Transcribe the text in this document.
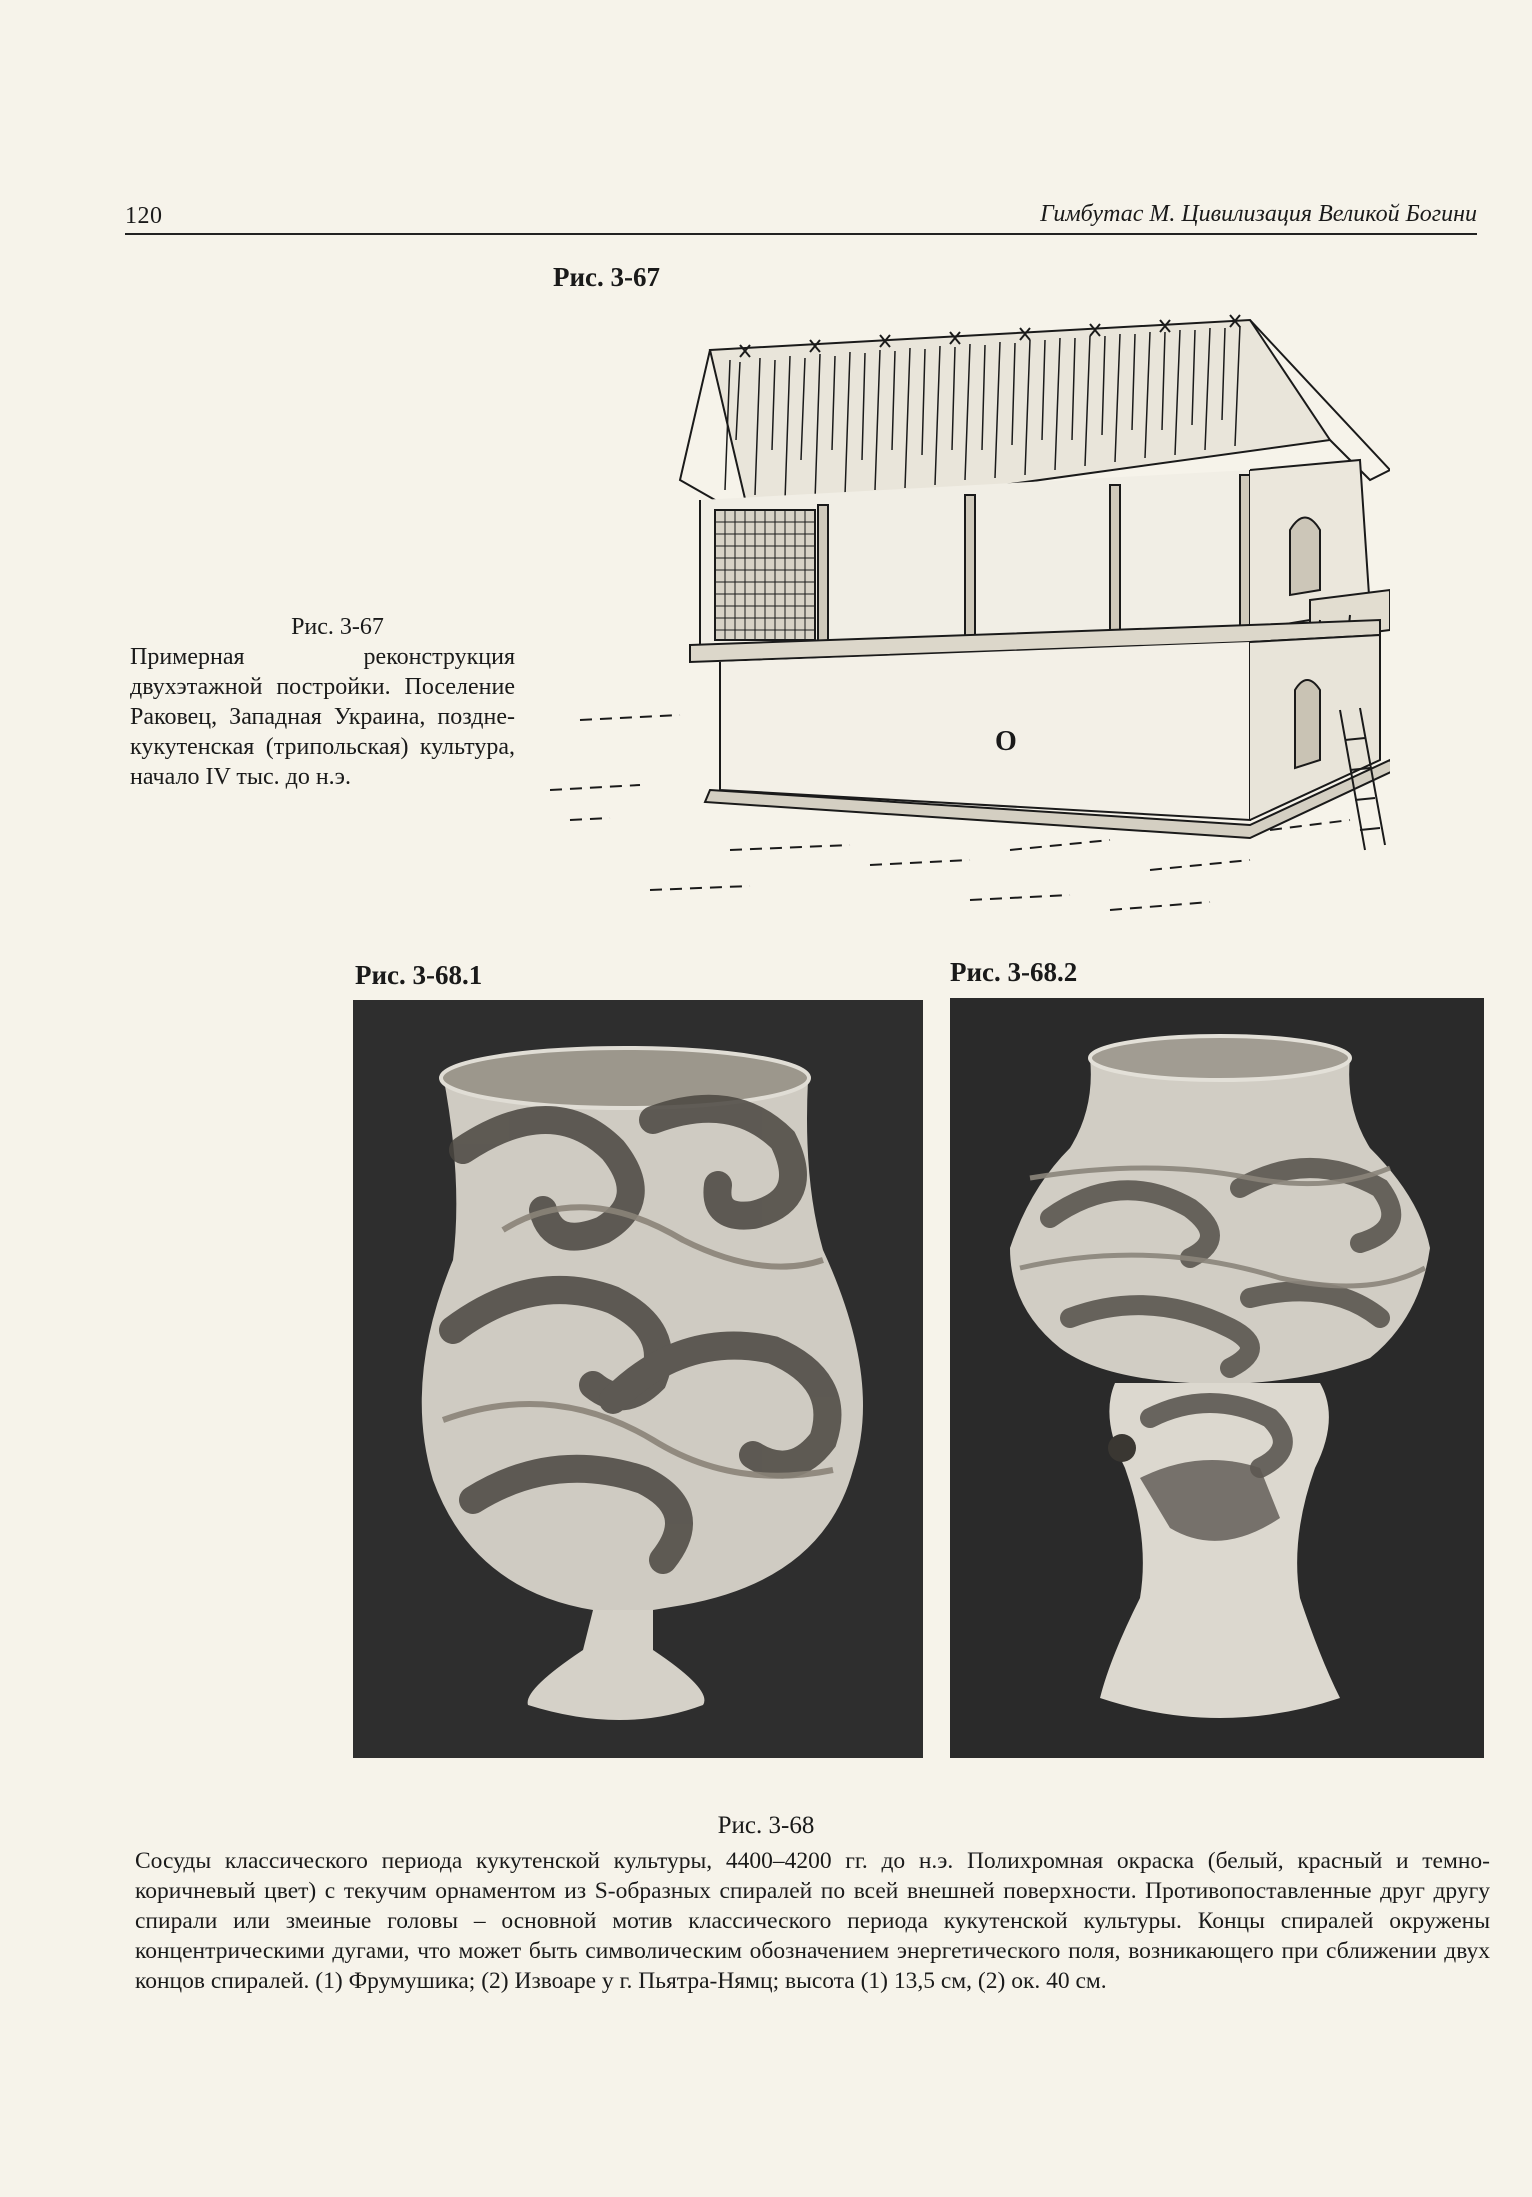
120	Гимбутас М. Цивилизация Великой Богини
Рис. 3-67
Рис. 3-67
Примерная реконструкция двухэтажной постройки. Поселение Раковец, Западная Украина, позднекукутенская (трипольская) культура, начало IV тыс. до н.э.
О
Рис. 3-68.1	Рис. 3-68.2
Рис. 3-68
Сосуды классического периода кукутенской культуры, 4400–4200 гг. до н.э. Полихромная окраска (белый, красный и темно-коричневый цвет) с текучим орнаментом из S-образных спиралей по всей внешней поверхности. Противопоставленные друг другу спирали или змеиные головы – основной мотив классического периода кукутенской культуры. Концы спиралей окружены концентрическими дугами, что может быть символическим обозначением энергетического поля, возникающего при сближении двух концов спиралей. (1) Фрумушика; (2) Извоаре у г. Пьятра-Нямц; высота (1) 13,5 см, (2) ок. 40 см.
